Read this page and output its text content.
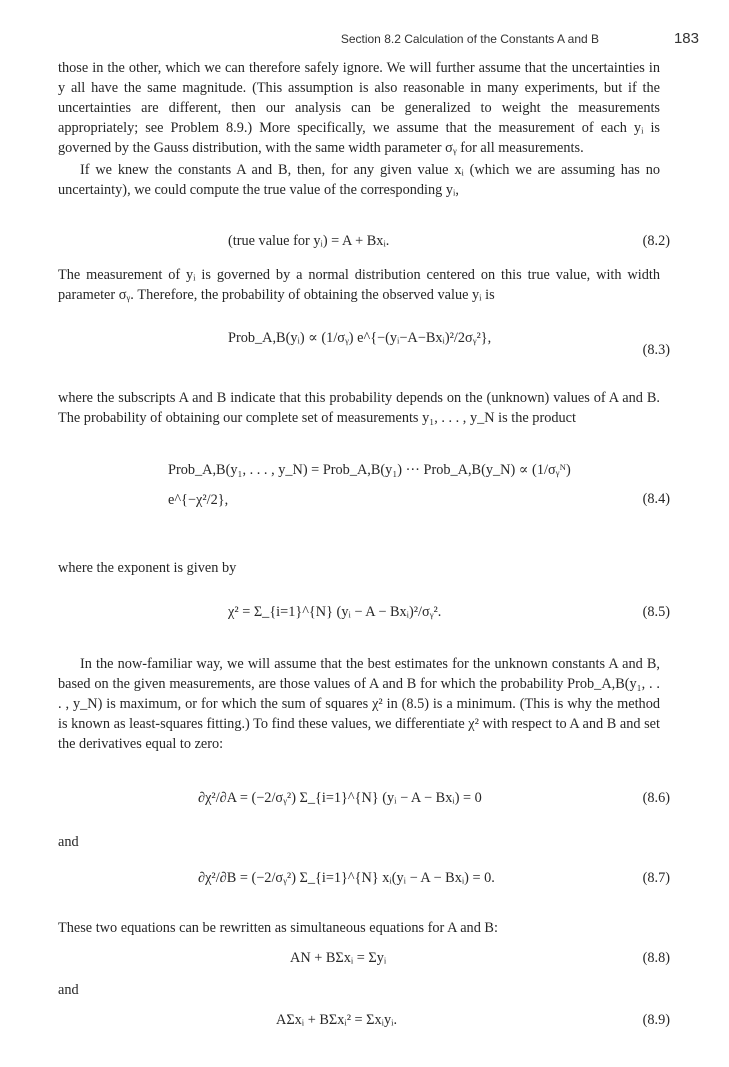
Section 8.2 Calculation of the Constants A and B	183

those in the other, which we can therefore safely ignore. We will further assume that the uncertainties in y all have the same magnitude. (This assumption is also reasonable in many experiments, but if the uncertainties are different, then our analysis can be generalized to weight the measurements appropriately; see Problem 8.9.) More specifically, we assume that the measurement of each yᵢ is governed by the Gauss distribution, with the same width parameter σᵧ for all measurements.

If we knew the constants A and B, then, for any given value xᵢ (which we are assuming has no uncertainty), we could compute the true value of the corresponding yᵢ,

(true value for yᵢ) = A + Bxᵢ.	(8.2)

The measurement of yᵢ is governed by a normal distribution centered on this true value, with width parameter σᵧ. Therefore, the probability of obtaining the observed value yᵢ is

Prob_A,B(yᵢ) ∝ (1/σᵧ) e^{−(yᵢ−A−Bxᵢ)²/2σᵧ²},
(8.3)

where the subscripts A and B indicate that this probability depends on the (unknown) values of A and B. The probability of obtaining our complete set of measurements y₁, . . . , y_N is the product

Prob_A,B(y₁, . . . , y_N) = Prob_A,B(y₁) ··· Prob_A,B(y_N) ∝ (1/σᵧᴺ) e^{−χ²/2},	(8.4)

where the exponent is given by

χ² = Σ_{i=1}^{N} (yᵢ − A − Bxᵢ)²/σᵧ².	(8.5)

In the now-familiar way, we will assume that the best estimates for the unknown constants A and B, based on the given measurements, are those values of A and B for which the probability Prob_A,B(y₁, . . . , y_N) is maximum, or for which the sum of squares χ² in (8.5) is a minimum. (This is why the method is known as least-squares fitting.) To find these values, we differentiate χ² with respect to A and B and set the derivatives equal to zero:

∂χ²/∂A = (−2/σᵧ²) Σ_{i=1}^{N} (yᵢ − A − Bxᵢ) = 0	(8.6)

and

∂χ²/∂B = (−2/σᵧ²) Σ_{i=1}^{N} xᵢ(yᵢ − A − Bxᵢ) = 0.	(8.7)

These two equations can be rewritten as simultaneous equations for A and B:

AN + BΣxᵢ = Σyᵢ	(8.8)

and

AΣxᵢ + BΣxᵢ² = Σxᵢyᵢ.	(8.9)
